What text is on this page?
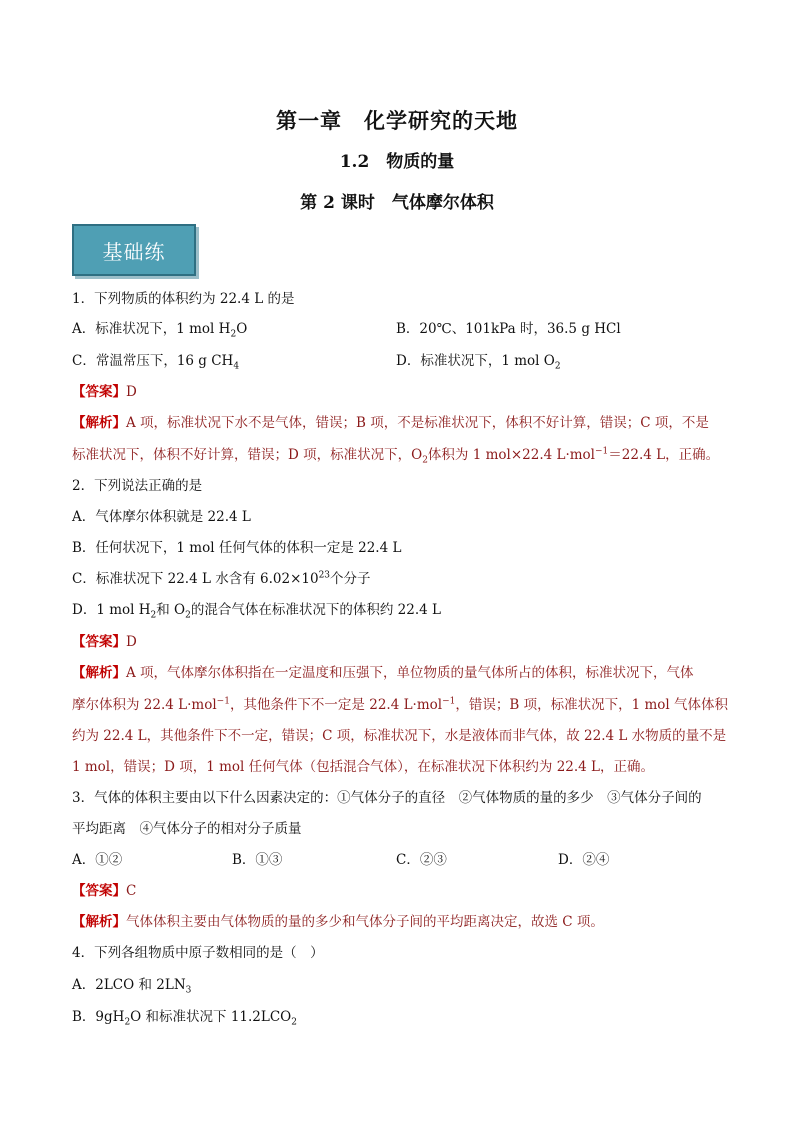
第一章　化学研究的天地
1.2　物质的量
第 2 课时　气体摩尔体积
基础练
1．下列物质的体积约为 22.4 L 的是
A．标准状况下，1 mol $H_2O$	B．20℃、101kPa 时，36.5 g HCl
C．常温常压下，16 g $CH_4$	D．标准状况下，1 mol $O_2$
【答案】D
【解析】A 项，标准状况下水不是气体，错误；B 项，不是标准状况下，体积不好计算，错误；C 项，不是
标准状况下，体积不好计算，错误；D 项，标准状况下，$O_2$体积为 1 mol×22.4 L·mol$^{-1}$＝22.4 L，正确。
2．下列说法正确的是
A．气体摩尔体积就是 22.4 L
B．任何状况下，1 mol 任何气体的体积一定是 22.4 L
C．标准状况下 22.4 L 水含有 $6.02\times 10^{23}$个分子
D．1 mol $H_2$和 $O_2$的混合气体在标准状况下的体积约 22.4 L
【答案】D
【解析】A 项，气体摩尔体积指在一定温度和压强下，单位物质的量气体所占的体积，标准状况下，气体
摩尔体积为 22.4 L·mol$^{-1}$，其他条件下不一定是 22.4 L·mol$^{-1}$，错误；B 项，标准状况下，1 mol 气体体积
约为 22.4 L，其他条件下不一定，错误；C 项，标准状况下，水是液体而非气体，故 22.4 L 水物质的量不是
1 mol，错误；D 项，1 mol 任何气体（包括混合气体），在标准状况下体积约为 22.4 L，正确。
3．气体的体积主要由以下什么因素决定的：①气体分子的直径　②气体物质的量的多少　③气体分子间的
平均距离　④气体分子的相对分子质量
A．①②	B．①③	C．②③	D．②④
【答案】C
【解析】气体体积主要由气体物质的量的多少和气体分子间的平均距离决定，故选 C 项。
4．下列各组物质中原子数相同的是（　）
A．2LCO 和 $2LN_3$
B．$9gH_2O$ 和标准状况下 $11.2LCO_2$
